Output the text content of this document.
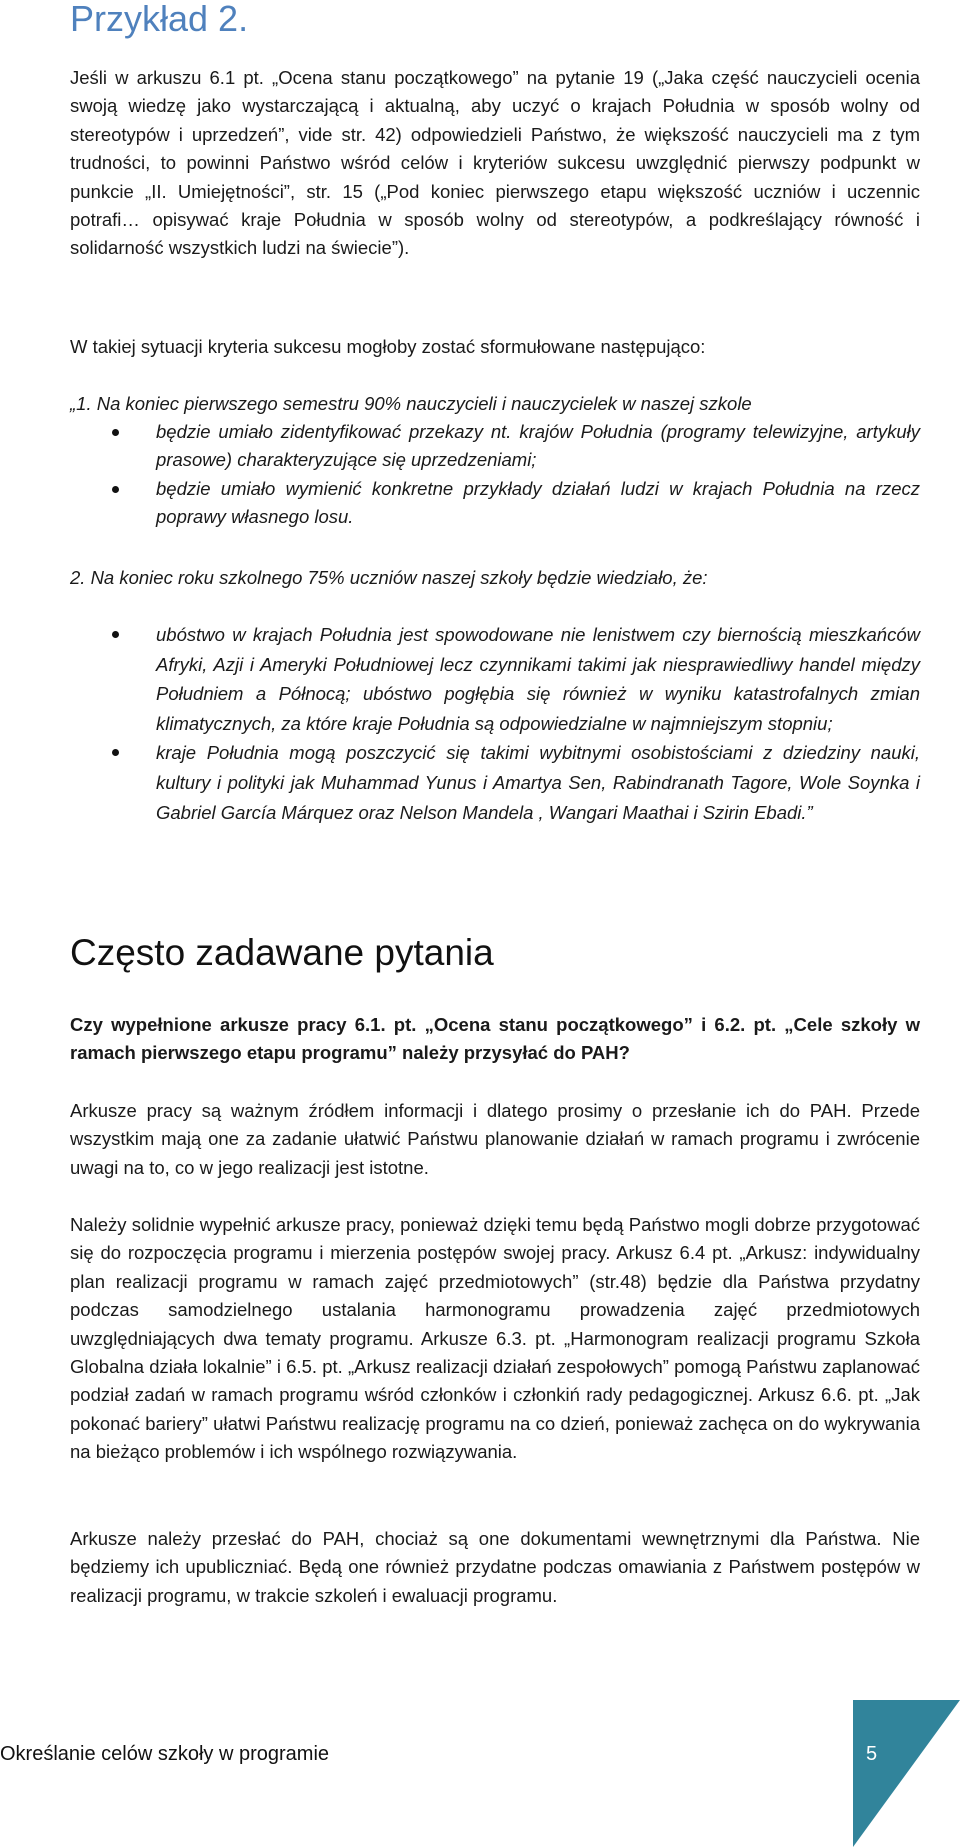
Przykład 2.

Jeśli w arkuszu 6.1 pt. „Ocena stanu początkowego” na pytanie 19 („Jaka część nauczycieli ocenia swoją wiedzę jako wystarczającą i aktualną, aby uczyć o krajach Południa w sposób wolny od stereotypów i uprzedzeń”, vide str. 42) odpowiedzieli Państwo, że większość nauczycieli ma z tym trudności, to powinni Państwo wśród celów i kryteriów sukcesu uwzględnić pierwszy podpunkt w punkcie „II. Umiejętności”, str. 15 („Pod koniec pierwszego etapu większość uczniów i uczennic potrafi… opisywać kraje Południa w sposób wolny od stereotypów, a podkreślający równość i solidarność wszystkich ludzi na świecie”).

W takiej sytuacji kryteria sukcesu mogłoby zostać sformułowane następująco:

„1. Na koniec pierwszego semestru 90% nauczycieli i nauczycielek w naszej szkole

będzie umiało zidentyfikować przekazy nt. krajów Południa (programy telewizyjne, artykuły prasowe) charakteryzujące się uprzedzeniami;
będzie umiało wymienić konkretne przykłady działań ludzi w krajach Południa na rzecz poprawy własnego losu.

2. Na koniec roku szkolnego 75% uczniów naszej szkoły będzie wiedziało, że:

ubóstwo w krajach Południa jest spowodowane nie lenistwem czy biernością mieszkańców Afryki, Azji i Ameryki Południowej lecz czynnikami takimi jak niesprawiedliwy handel między Południem a Północą; ubóstwo pogłębia się również w wyniku katastrofalnych zmian klimatycznych, za które kraje Południa są odpowiedzialne w najmniejszym stopniu;
kraje Południa mogą poszczycić się takimi wybitnymi osobistościami z dziedziny nauki, kultury i polityki jak Muhammad Yunus i Amartya Sen, Rabindranath Tagore, Wole Soynka i Gabriel García Márquez oraz Nelson Mandela , Wangari Maathai i Szirin Ebadi.”
Często zadawane pytania

Czy wypełnione arkusze pracy 6.1. pt. „Ocena stanu początkowego” i 6.2. pt. „Cele szkoły w ramach pierwszego etapu programu” należy przysyłać do PAH?

Arkusze pracy są ważnym źródłem informacji i dlatego prosimy o przesłanie ich do PAH. Przede wszystkim mają one za zadanie ułatwić Państwu planowanie działań w ramach programu i zwrócenie uwagi na to, co w jego realizacji jest istotne.

Należy solidnie wypełnić arkusze pracy, ponieważ dzięki temu będą Państwo mogli dobrze przygotować się do rozpoczęcia programu i mierzenia postępów swojej pracy. Arkusz 6.4 pt. „Arkusz: indywidualny plan realizacji programu w ramach zajęć przedmiotowych” (str.48) będzie dla Państwa przydatny podczas samodzielnego ustalania harmonogramu prowadzenia zajęć przedmiotowych uwzględniających dwa tematy programu. Arkusze 6.3. pt. „Harmonogram realizacji programu Szkoła Globalna działa lokalnie” i 6.5. pt. „Arkusz realizacji działań zespołowych” pomogą Państwu zaplanować podział zadań w ramach programu wśród członków i członkiń rady pedagogicznej. Arkusz 6.6. pt. „Jak pokonać bariery” ułatwi Państwu realizację programu na co dzień, ponieważ zachęca on do wykrywania na bieżąco problemów i ich wspólnego rozwiązywania.

Arkusze należy przesłać do PAH, chociaż są one dokumentami wewnętrznymi dla Państwa. Nie będziemy ich upubliczniać. Będą one również przydatne podczas omawiania z Państwem postępów w realizacji programu, w trakcie szkoleń i ewaluacji programu.

Określanie celów szkoły w programie	5
